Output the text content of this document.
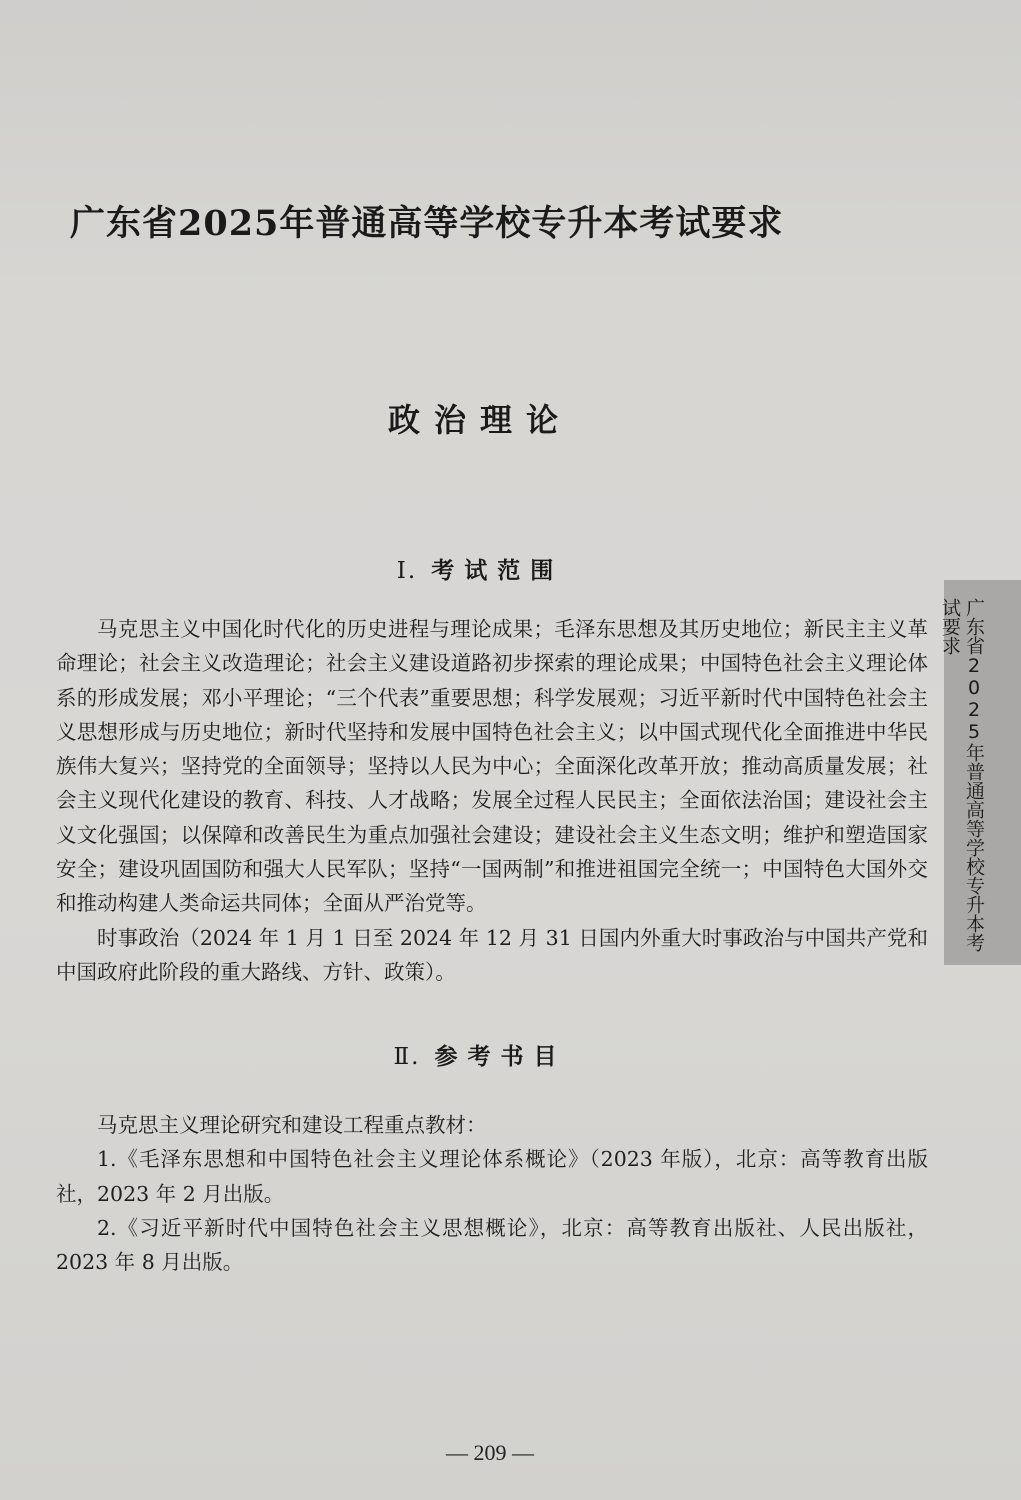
广东省2025年普通高等学校专升本考试要求
政治理论
Ⅰ. 考试范围

马克思主义中国化时代化的历史进程与理论成果；毛泽东思想及其历史地位；新民主主义革命理论；社会主义改造理论；社会主义建设道路初步探索的理论成果；中国特色社会主义理论体系的形成发展；邓小平理论；“三个代表”重要思想；科学发展观；习近平新时代中国特色社会主义思想形成与历史地位；新时代坚持和发展中国特色社会主义；以中国式现代化全面推进中华民族伟大复兴；坚持党的全面领导；坚持以人民为中心；全面深化改革开放；推动高质量发展；社会主义现代化建设的教育、科技、人才战略；发展全过程人民民主；全面依法治国；建设社会主义文化强国；以保障和改善民生为重点加强社会建设；建设社会主义生态文明；维护和塑造国家安全；建设巩固国防和强大人民军队；坚持“一国两制”和推进祖国完全统一；中国特色大国外交和推动构建人类命运共同体；全面从严治党等。

时事政治（2024 年 1 月 1 日至 2024 年 12 月 31 日国内外重大时事政治与中国共产党和中国政府此阶段的重大路线、方针、政策）。

Ⅱ. 参考书目

马克思主义理论研究和建设工程重点教材：

1.《毛泽东思想和中国特色社会主义理论体系概论》（2023 年版），北京：高等教育出版社，2023 年 2 月出版。

2.《习近平新时代中国特色社会主义思想概论》，北京：高等教育出版社、人民出版社，2023 年 8 月出版。

广东省2025年普通高等学校专升本考试要求
— 209 —
